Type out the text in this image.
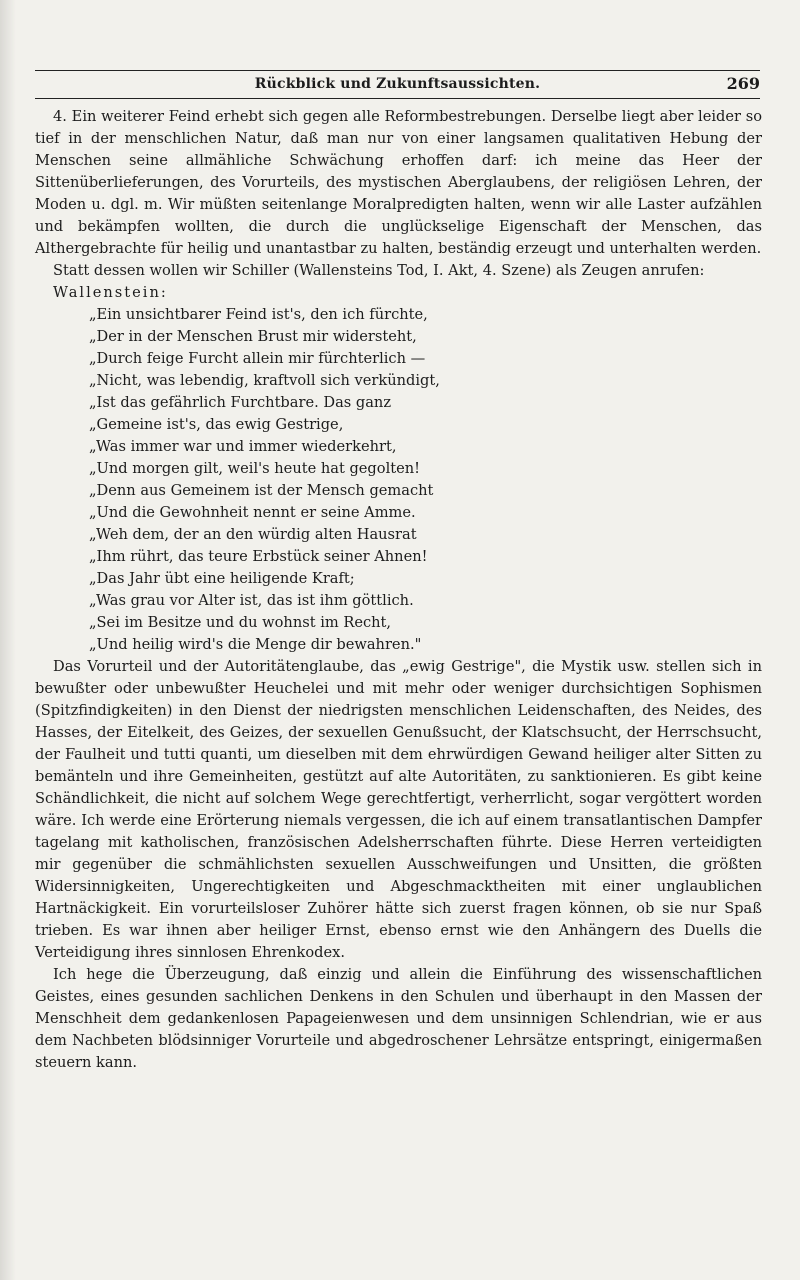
Rückblick und Zukunftsaussichten.	269

4. Ein weiterer Feind erhebt sich gegen alle Reformbestrebungen. Derselbe liegt aber leider so tief in der menschlichen Natur, daß man nur von einer langsamen qualitativen Hebung der Menschen seine allmähliche Schwächung erhoffen darf: ich meine das Heer der Sittenüberlieferungen, des Vorurteils, des mystischen Aberglaubens, der religiösen Lehren, der Moden u. dgl. m. Wir müßten seitenlange Moralpredigten halten, wenn wir alle Laster aufzählen und bekämpfen wollten, die durch die unglückselige Eigenschaft der Menschen, das Althergebrachte für heilig und unantastbar zu halten, beständig erzeugt und unterhalten werden.

Statt dessen wollen wir Schiller (Wallensteins Tod, I. Akt, 4. Szene) als Zeugen anrufen:

Wallenstein:

„Ein unsichtbarer Feind ist's, den ich fürchte,
„Der in der Menschen Brust mir widersteht,
„Durch feige Furcht allein mir fürchterlich —
„Nicht, was lebendig, kraftvoll sich verkündigt,
„Ist das gefährlich Furchtbare. Das ganz
„Gemeine ist's, das ewig Gestrige,
„Was immer war und immer wiederkehrt,
„Und morgen gilt, weil's heute hat gegolten!
„Denn aus Gemeinem ist der Mensch gemacht
„Und die Gewohnheit nennt er seine Amme.
„Weh dem, der an den würdig alten Hausrat
„Ihm rührt, das teure Erbstück seiner Ahnen!
„Das Jahr übt eine heiligende Kraft;
„Was grau vor Alter ist, das ist ihm göttlich.
„Sei im Besitze und du wohnst im Recht,
„Und heilig wird's die Menge dir bewahren."

Das Vorurteil und der Autoritätenglaube, das „ewig Gestrige", die Mystik usw. stellen sich in bewußter oder unbewußter Heuchelei und mit mehr oder weniger durchsichtigen Sophismen (Spitzfindigkeiten) in den Dienst der niedrigsten menschlichen Leidenschaften, des Neides, des Hasses, der Eitelkeit, des Geizes, der sexuellen Genußsucht, der Klatschsucht, der Herrschsucht, der Faulheit und tutti quanti, um dieselben mit dem ehrwürdigen Gewand heiliger alter Sitten zu bemänteln und ihre Gemeinheiten, gestützt auf alte Autoritäten, zu sanktionieren. Es gibt keine Schändlichkeit, die nicht auf solchem Wege gerechtfertigt, verherrlicht, sogar vergöttert worden wäre. Ich werde eine Erörterung niemals vergessen, die ich auf einem transatlantischen Dampfer tagelang mit katholischen, französischen Adelsherrschaften führte. Diese Herren verteidigten mir gegenüber die schmählichsten sexuellen Ausschweifungen und Unsitten, die größten Widersinnigkeiten, Ungerechtigkeiten und Abgeschmacktheiten mit einer unglaublichen Hartnäckigkeit. Ein vorurteilsloser Zuhörer hätte sich zuerst fragen können, ob sie nur Spaß trieben. Es war ihnen aber heiliger Ernst, ebenso ernst wie den Anhängern des Duells die Verteidigung ihres sinnlosen Ehrenkodex.

Ich hege die Überzeugung, daß einzig und allein die Einführung des wissenschaftlichen Geistes, eines gesunden sachlichen Denkens in den Schulen und überhaupt in den Massen der Menschheit dem gedankenlosen Papageienwesen und dem unsinnigen Schlendrian, wie er aus dem Nachbeten blödsinniger Vorurteile und abgedroschener Lehrsätze entspringt, einigermaßen steuern kann.
